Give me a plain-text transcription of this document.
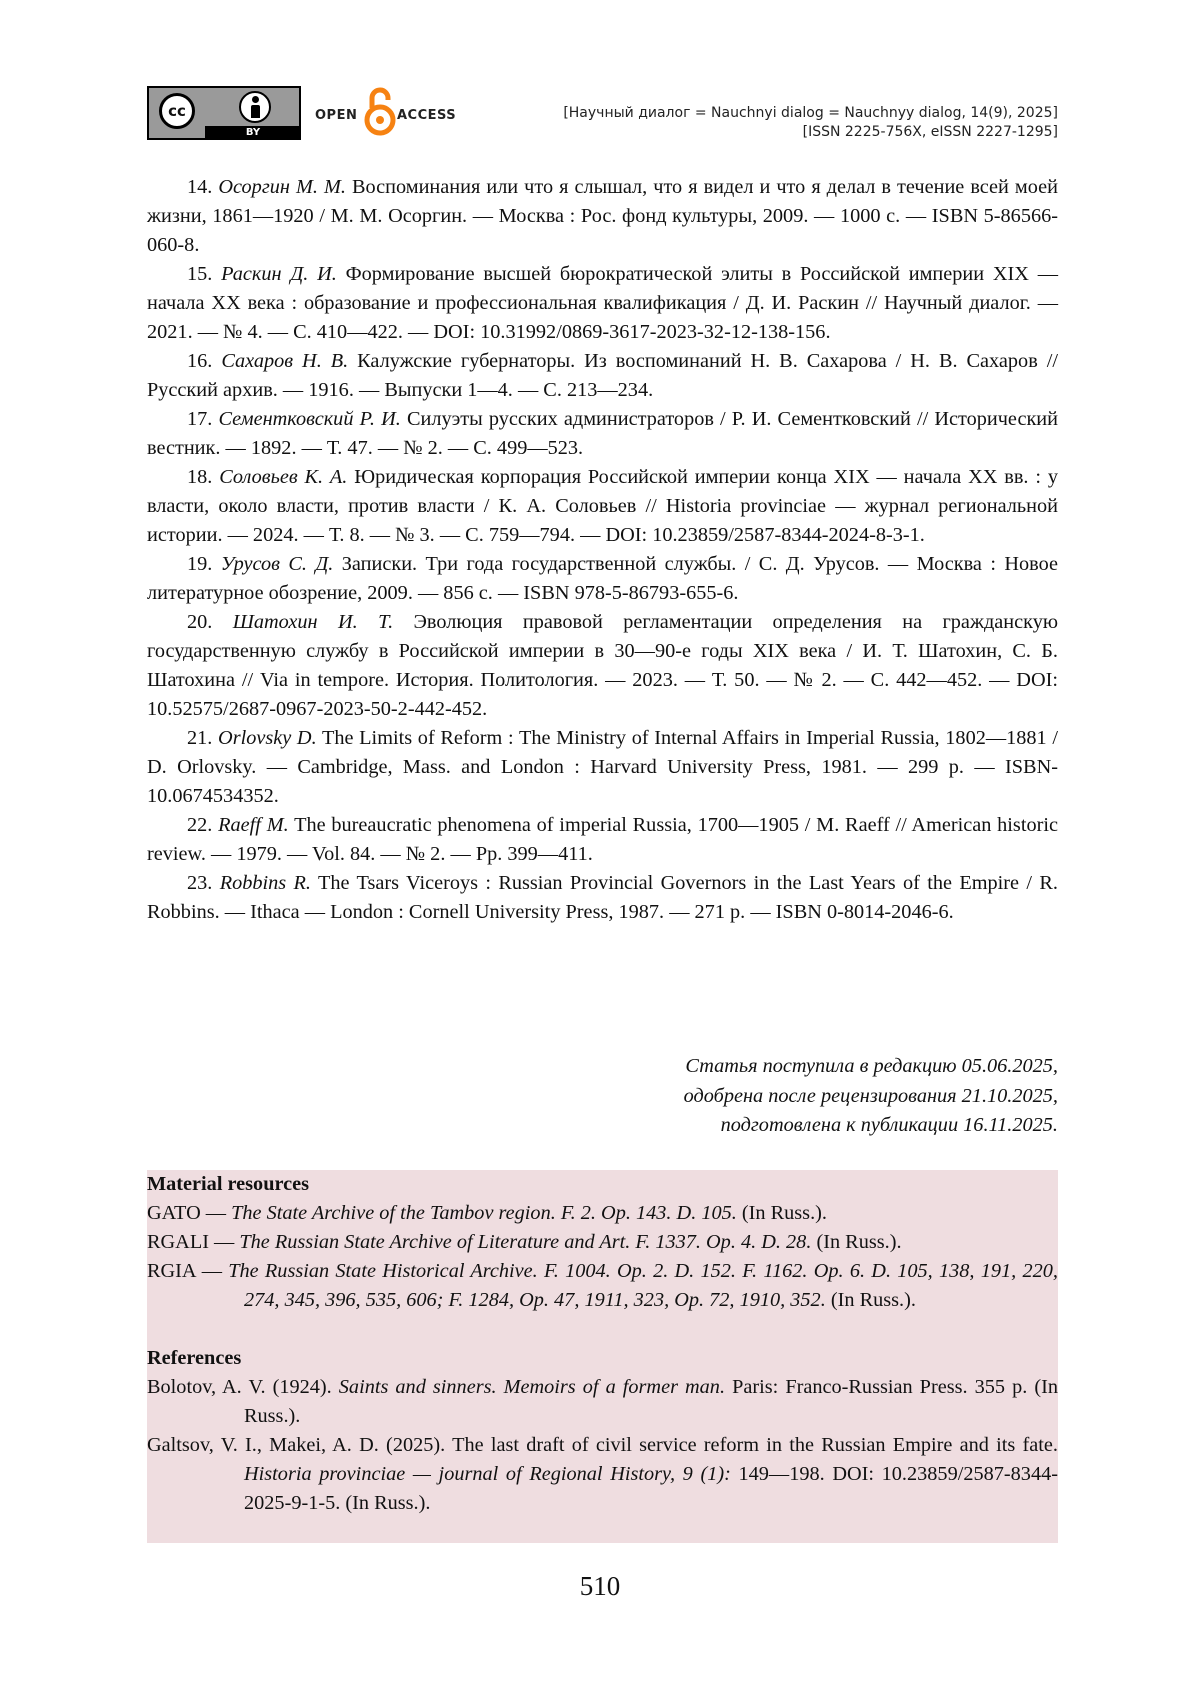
cc
BY
OPEN	ACCESS	[Научный диалог = Nauchnyi dialog = Nauchnyy dialog, 14(9), 2025]
[ISSN 2225-756X, eISSN 2227-1295]

14. Осоргин М. М. Воспоминания или что я слышал, что я видел и что я делал в течение всей моей жизни, 1861—1920 / М. М. Осоргин. — Москва : Рос. фонд культуры, 2009. — 1000 с. — ISBN 5-86566-060-8.

15. Раскин Д. И. Формирование высшей бюрократической элиты в Российской империи XIX — начала XX века : образование и профессиональная квалификация / Д. И. Раскин // Научный диалог. — 2021. — № 4. — С. 410—422. — DOI: 10.31992/0869-3617-2023-32-12-138-156.

16. Сахаров Н. В. Калужские губернаторы. Из воспоминаний Н. В. Сахарова / Н. В. Сахаров // Русский архив. — 1916. — Выпуски 1—4. — С. 213—234.

17. Сементковский Р. И. Силуэты русских администраторов / Р. И. Сементковский // Исторический вестник. — 1892. — Т. 47. — № 2. — С. 499—523.

18. Соловьев К. А. Юридическая корпорация Российской империи конца XIX — начала XX вв. : у власти, около власти, против власти / К. А. Соловьев // Historia provinciae — журнал региональной истории. — 2024. — Т. 8. — № 3. — С. 759—794. — DOI: 10.23859/2587-8344-2024-8-3-1.

19. Урусов С. Д. Записки. Три года государственной службы. / С. Д. Урусов. — Москва : Новое литературное обозрение, 2009. — 856 с. — ISBN 978-5-86793-655-6.

20. Шатохин И. Т. Эволюция правовой регламентации определения на гражданскую государственную службу в Российской империи в 30—90-е годы XIX века / И. Т. Шатохин, С. Б. Шатохина // Via in tempore. История. Политология. — 2023. — Т. 50. — № 2. — С. 442—452. — DOI: 10.52575/2687-0967-2023-50-2-442-452.

21. Orlovsky D. The Limits of Reform : The Ministry of Internal Affairs in Imperial Russia, 1802—1881 / D. Orlovsky. — Cambridge, Mass. and London : Harvard University Press, 1981. — 299 p. — ISBN-10.0674534352.

22. Raeff M. The bureaucratic phenomena of imperial Russia, 1700—1905 / M. Raeff // American historic review. — 1979. — Vol. 84. — № 2. — Pp. 399—411.

23. Robbins R. The Tsars Viceroys : Russian Provincial Governors in the Last Years of the Empire / R. Robbins. — Ithaca — London : Cornell University Press, 1987. — 271 p. — ISBN 0-8014-2046-6.

Статья поступила в редакцию 05.06.2025,
одобрена после рецензирования 21.10.2025,
подготовлена к публикации 16.11.2025.

Material resources

GATO — The State Archive of the Tambov region. F. 2. Op. 143. D. 105. (In Russ.).

RGALI — The Russian State Archive of Literature and Art. F. 1337. Op. 4. D. 28. (In Russ.).

RGIA — The Russian State Historical Archive. F. 1004. Op. 2. D. 152. F. 1162. Op. 6. D. 105, 138, 191, 220, 274, 345, 396, 535, 606; F. 1284, Op. 47, 1911, 323, Op. 72, 1910, 352. (In Russ.).

References

Bolotov, A. V. (1924). Saints and sinners. Memoirs of a former man. Paris: Franco-Russian Press. 355 p. (In Russ.).

Galtsov, V. I., Makei, A. D. (2025). The last draft of civil service reform in the Russian Empire and its fate. Historia provinciae — journal of Regional History, 9 (1): 149—198. DOI: 10.23859/2587-8344-2025-9-1-5. (In Russ.).

510
